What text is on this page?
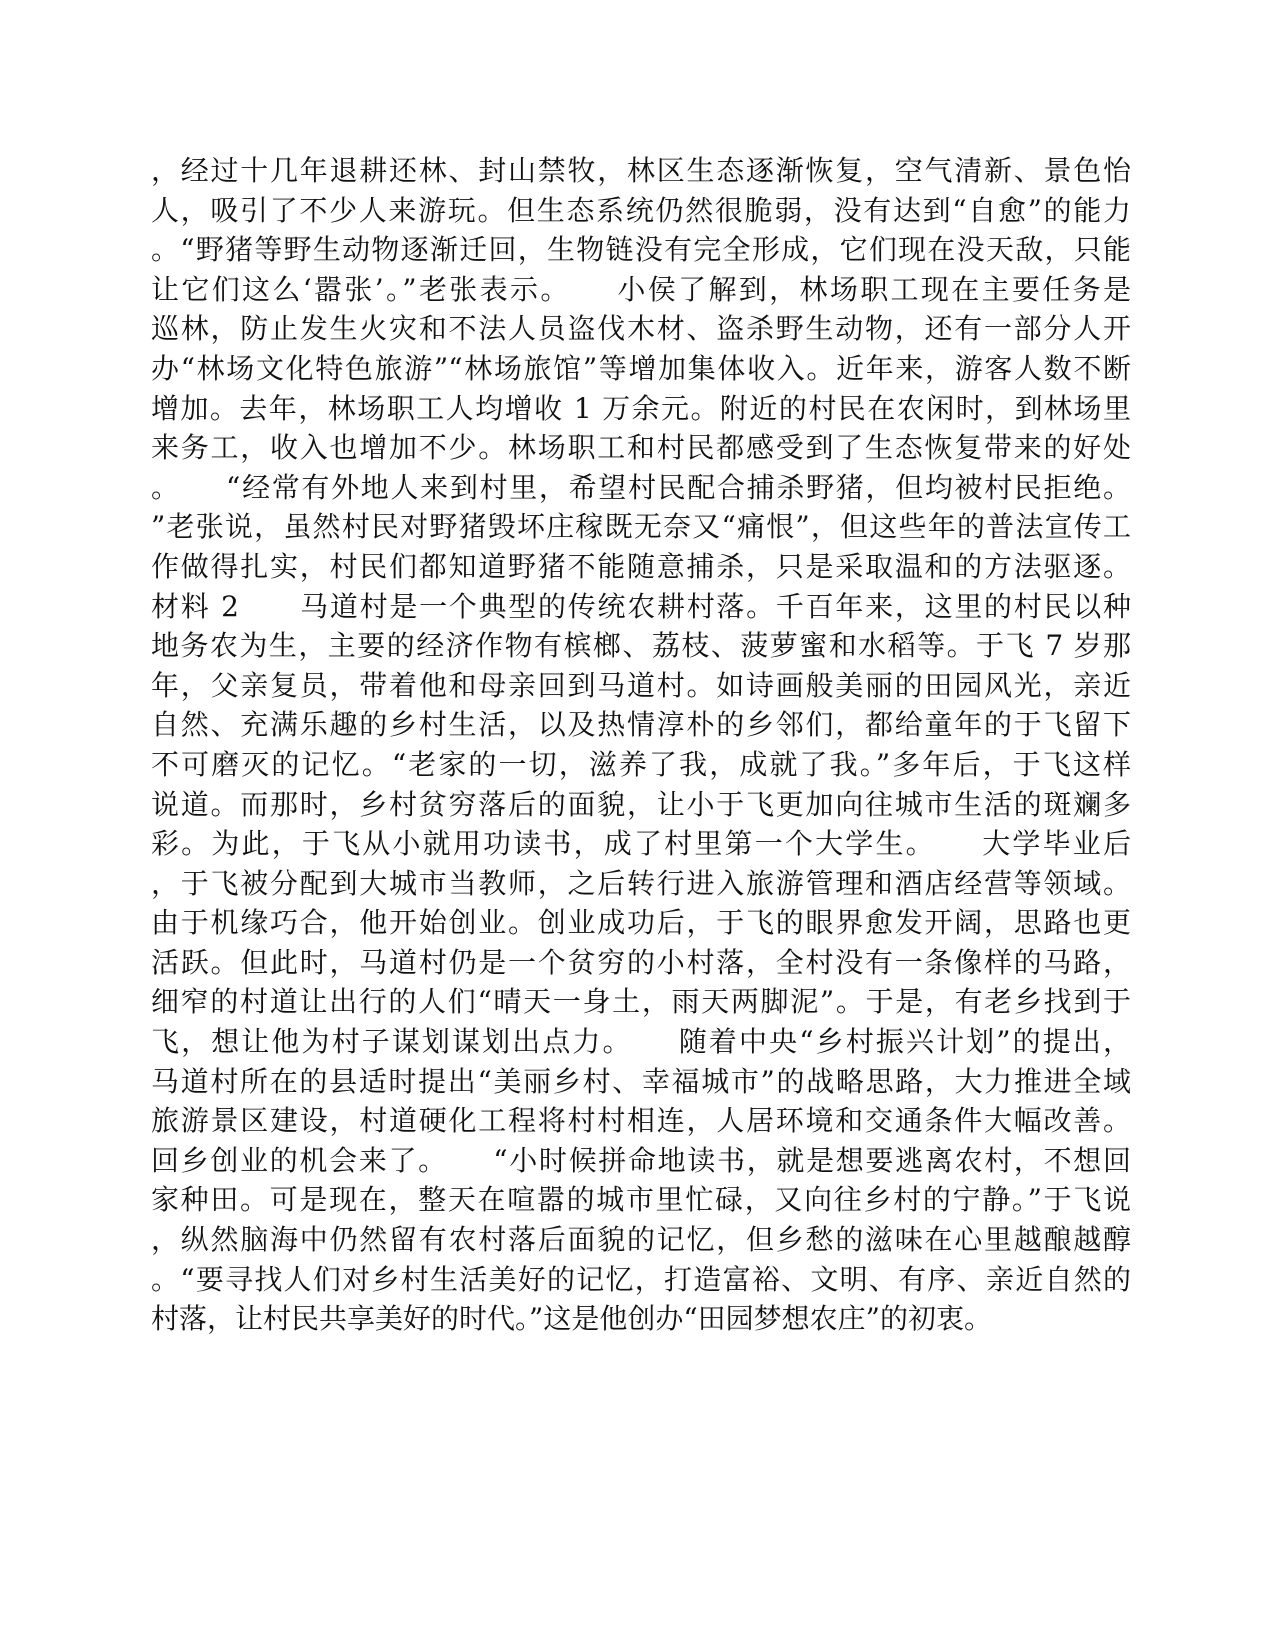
，经过十几年退耕还林、封山禁牧，林区生态逐渐恢复，空气清新、景色怡
人，吸引了不少人来游玩。但生态系统仍然很脆弱，没有达到“自愈”的能力
。“野猪等野生动物逐渐迁回，生物链没有完全形成，它们现在没天敌，只能
让它们这么‘嚣张’。”老张表示。　　小侯了解到，林场职工现在主要任务是
巡林，防止发生火灾和不法人员盗伐木材、盗杀野生动物，还有一部分人开
办“林场文化特色旅游”“林场旅馆”等增加集体收入。近年来，游客人数不断
增加。去年，林场职工人均增收 1 万余元。附近的村民在农闲时，到林场里
来务工，收入也增加不少。林场职工和村民都感受到了生态恢复带来的好处
。　　“经常有外地人来到村里，希望村民配合捕杀野猪，但均被村民拒绝。
”老张说，虽然村民对野猪毁坏庄稼既无奈又“痛恨”，但这些年的普法宣传工
作做得扎实，村民们都知道野猪不能随意捕杀，只是采取温和的方法驱逐。
材料 2　　马道村是一个典型的传统农耕村落。千百年来，这里的村民以种
地务农为生，主要的经济作物有槟榔、荔枝、菠萝蜜和水稻等。于飞 7 岁那
年，父亲复员，带着他和母亲回到马道村。如诗画般美丽的田园风光，亲近
自然、充满乐趣的乡村生活，以及热情淳朴的乡邻们，都给童年的于飞留下
不可磨灭的记忆。“老家的一切，滋养了我，成就了我。”多年后，于飞这样
说道。而那时，乡村贫穷落后的面貌，让小于飞更加向往城市生活的斑斓多
彩。为此，于飞从小就用功读书，成了村里第一个大学生。　　大学毕业后
，于飞被分配到大城市当教师，之后转行进入旅游管理和酒店经营等领域。
由于机缘巧合，他开始创业。创业成功后，于飞的眼界愈发开阔，思路也更
活跃。但此时，马道村仍是一个贫穷的小村落，全村没有一条像样的马路，
细窄的村道让出行的人们“晴天一身土，雨天两脚泥”。于是，有老乡找到于
飞，想让他为村子谋划谋划出点力。　　随着中央“乡村振兴计划”的提出，
马道村所在的县适时提出“美丽乡村、幸福城市”的战略思路，大力推进全域
旅游景区建设，村道硬化工程将村村相连，人居环境和交通条件大幅改善。
回乡创业的机会来了。　　“小时候拼命地读书，就是想要逃离农村，不想回
家种田。可是现在，整天在喧嚣的城市里忙碌，又向往乡村的宁静。”于飞说
，纵然脑海中仍然留有农村落后面貌的记忆，但乡愁的滋味在心里越酿越醇
。“要寻找人们对乡村生活美好的记忆，打造富裕、文明、有序、亲近自然的
村落，让村民共享美好的时代。”这是他创办“田园梦想农庄”的初衷。
